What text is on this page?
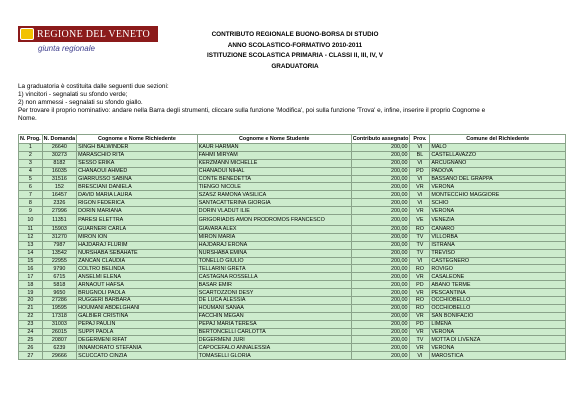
REGIONE DEL VENETO
giunta regionale
CONTRIBUTO REGIONALE BUONO-BORSA DI STUDIO
ANNO SCOLASTICO-FORMATIVO 2010-2011
ISTITUZIONE SCOLASTICA PRIMARIA - CLASSI II, III, IV, V
GRADUATORIA
La graduatoria è costituita dalle seguenti due sezioni:
1) vincitori - segnalati su sfondo verde;
2) non ammessi - segnalati su sfondo giallo.
Per trovare il proprio nominativo: andare nella Barra degli strumenti, cliccare sulla funzione 'Modifica', poi sulla funzione 'Trova' e, infine, inserire il proprio Cognome e
Nome.
N. Prog.	N. Domanda	Cognome e Nome Richiedente	Cognome e Nome Studente	Contributo assegnato	Prov.	Comune del Richiedente
1	26640	SINGH BALWINDER	KAUR HARMAN	200,00	VI	MALO
2	30273	MARASCHIO RITA	FAHMI MIRYAM	200,00	BL	CASTELLAVAZZO
3	8182	SESSO ERIKA	KERZMANN MICHELLE	200,00	VI	ARCUGNANO
4	16035	CHANAOUI AHMED	CHANAOUI NIHAL	200,00	PD	PADOVA
5	31516	GIARRUSSO SABINA	CONTE BENEDETTA	200,00	VI	BASSANO DEL GRAPPA
6	152	BRESCIANI DANIELA	TIENGO NICOLE	200,00	VR	VERONA
7	16457	DAVID MARIA LAURA	SZASZ RAMONA VASILICA	200,00	VI	MONTECCHIO MAGGIORE
8	2326	RIGON FEDERICA	SANTACATTERINA GIORGIA	200,00	VI	SCHIO
9	27996	DORIN MARIANA	DORIN VLADUT ILIE	200,00	VR	VERONA
10	11351	PARESI ELETTRA	GRIGORIADIS AMON PRODROMOS FRANCESCO	200,00	VE	VENEZIA
11	15903	GUARNERI CARLA	GIAVARA ALEX	200,00	RO	CANARO
12	31270	MIRON ION	MIRON MARIA	200,00	TV	VILLORBA
13	7987	HAJDARAJ FLURIM	HAJDARAJ ERONA	200,00	TV	ISTRANA
14	13542	NURSHABA SEBAHATE	NURSHABA EMINA	200,00	TV	TREVISO
15	22955	ZANCAN CLAUDIA	TONELLO GIULIO	200,00	VI	CASTEGNERO
16	9790	COLTRO BELINDA	TELLARINI GRETA	200,00	RO	ROVIGO
17	6715	ANSELMI ELENA	CASTAGNA ROSSELLA	200,00	VR	CASALEONE
18	5818	ARNAOUT HAFSA	BASAR EMIR	200,00	PD	ABANO TERME
19	9650	BRUGNOLI PAOLA	SCARTOZZONI DESY	200,00	VR	PESCANTINA
20	27286	RUGGERI BARBARA	DE LUCA ALESSIA	200,00	RO	OCCHIOBELLO
21	19595	HOUMANI ABDELGHANI	HOUMANI SANAA	200,00	RO	OCCHIOBELLO
22	17318	GALBIER CRISTINA	FACCHIN MEGAN	200,00	VR	SAN BONIFACIO
23	31003	PEPAJ PAULIN	PEPAJ MARIA TERESA	200,00	PD	LIMENA
24	26015	SUPPI PAOLA	BERTONCELLI CARLOTTA	200,00	VR	VERONA
25	20807	DEGERMENI RIFAT	DEGERMENI JURI	200,00	TV	MOTTA DI LIVENZA
26	6239	INNAMORATO STEFANIA	CAPOCEFALO ANNALESSIA	200,00	VR	VERONA
27	29666	SCUCCATO CINZIA	TOMASELLI GLORIA	200,00	VI	MAROSTICA
